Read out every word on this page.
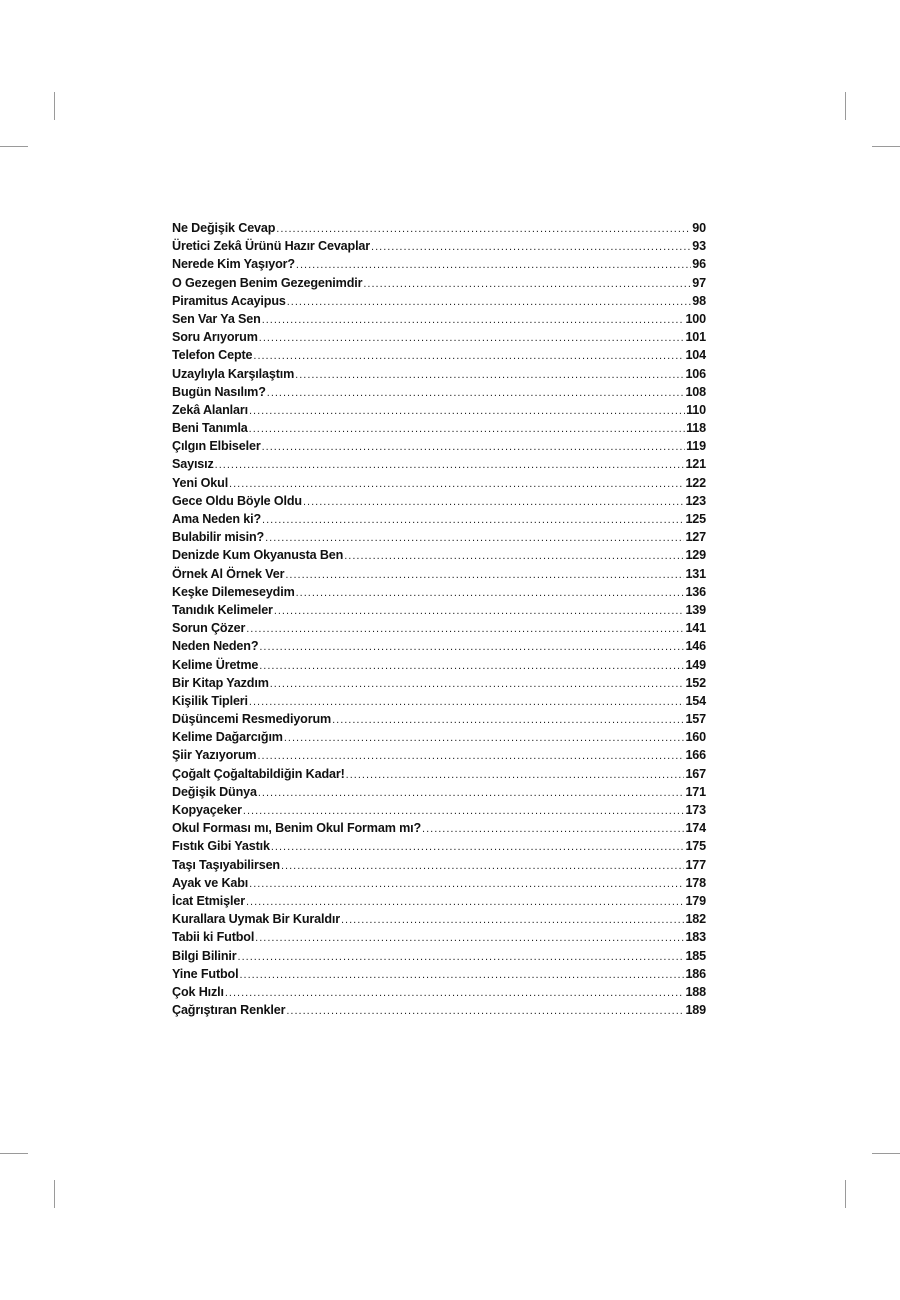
Ne Değişik Cevap .....	90
Üretici Zekâ Ürünü Hazır Cevaplar .....	93
Nerede Kim Yaşıyor? .....	96
O Gezegen Benim Gezegenimdir .....	97
Piramitus Acayipus .....	98
Sen Var Ya Sen .....	100
Soru Arıyorum .....	101
Telefon Cepte .....	104
Uzaylıyla Karşılaştım .....	106
Bugün Nasılım? .....	108
Zekâ Alanları .....	110
Beni Tanımla .....	118
Çılgın Elbiseler .....	119
Sayısız .....	121
Yeni Okul .....	122
Gece Oldu Böyle Oldu .....	123
Ama Neden ki? .....	125
Bulabilir misin? .....	127
Denizde Kum Okyanusta Ben .....	129
Örnek Al Örnek Ver .....	131
Keşke Dilemeseydim .....	136
Tanıdık Kelimeler .....	139
Sorun Çözer .....	141
Neden Neden? .....	146
Kelime Üretme .....	149
Bir Kitap Yazdım .....	152
Kişilik Tipleri .....	154
Düşüncemi Resmediyorum .....	157
Kelime Dağarcığım .....	160
Şiir Yazıyorum .....	166
Çoğalt Çoğaltabildiğin Kadar! .....	167
Değişik Dünya .....	171
Kopyaçeker .....	173
Okul Forması mı, Benim Okul Formam mı? .....	174
Fıstık Gibi Yastık .....	175
Taşı Taşıyabilirsen .....	177
Ayak ve Kabı .....	178
İcat Etmişler .....	179
Kurallara Uymak Bir Kuraldır .....	182
Tabii ki Futbol .....	183
Bilgi Bilinir .....	185
Yine Futbol .....	186
Çok Hızlı .....	188
Çağrıştıran Renkler .....	189
